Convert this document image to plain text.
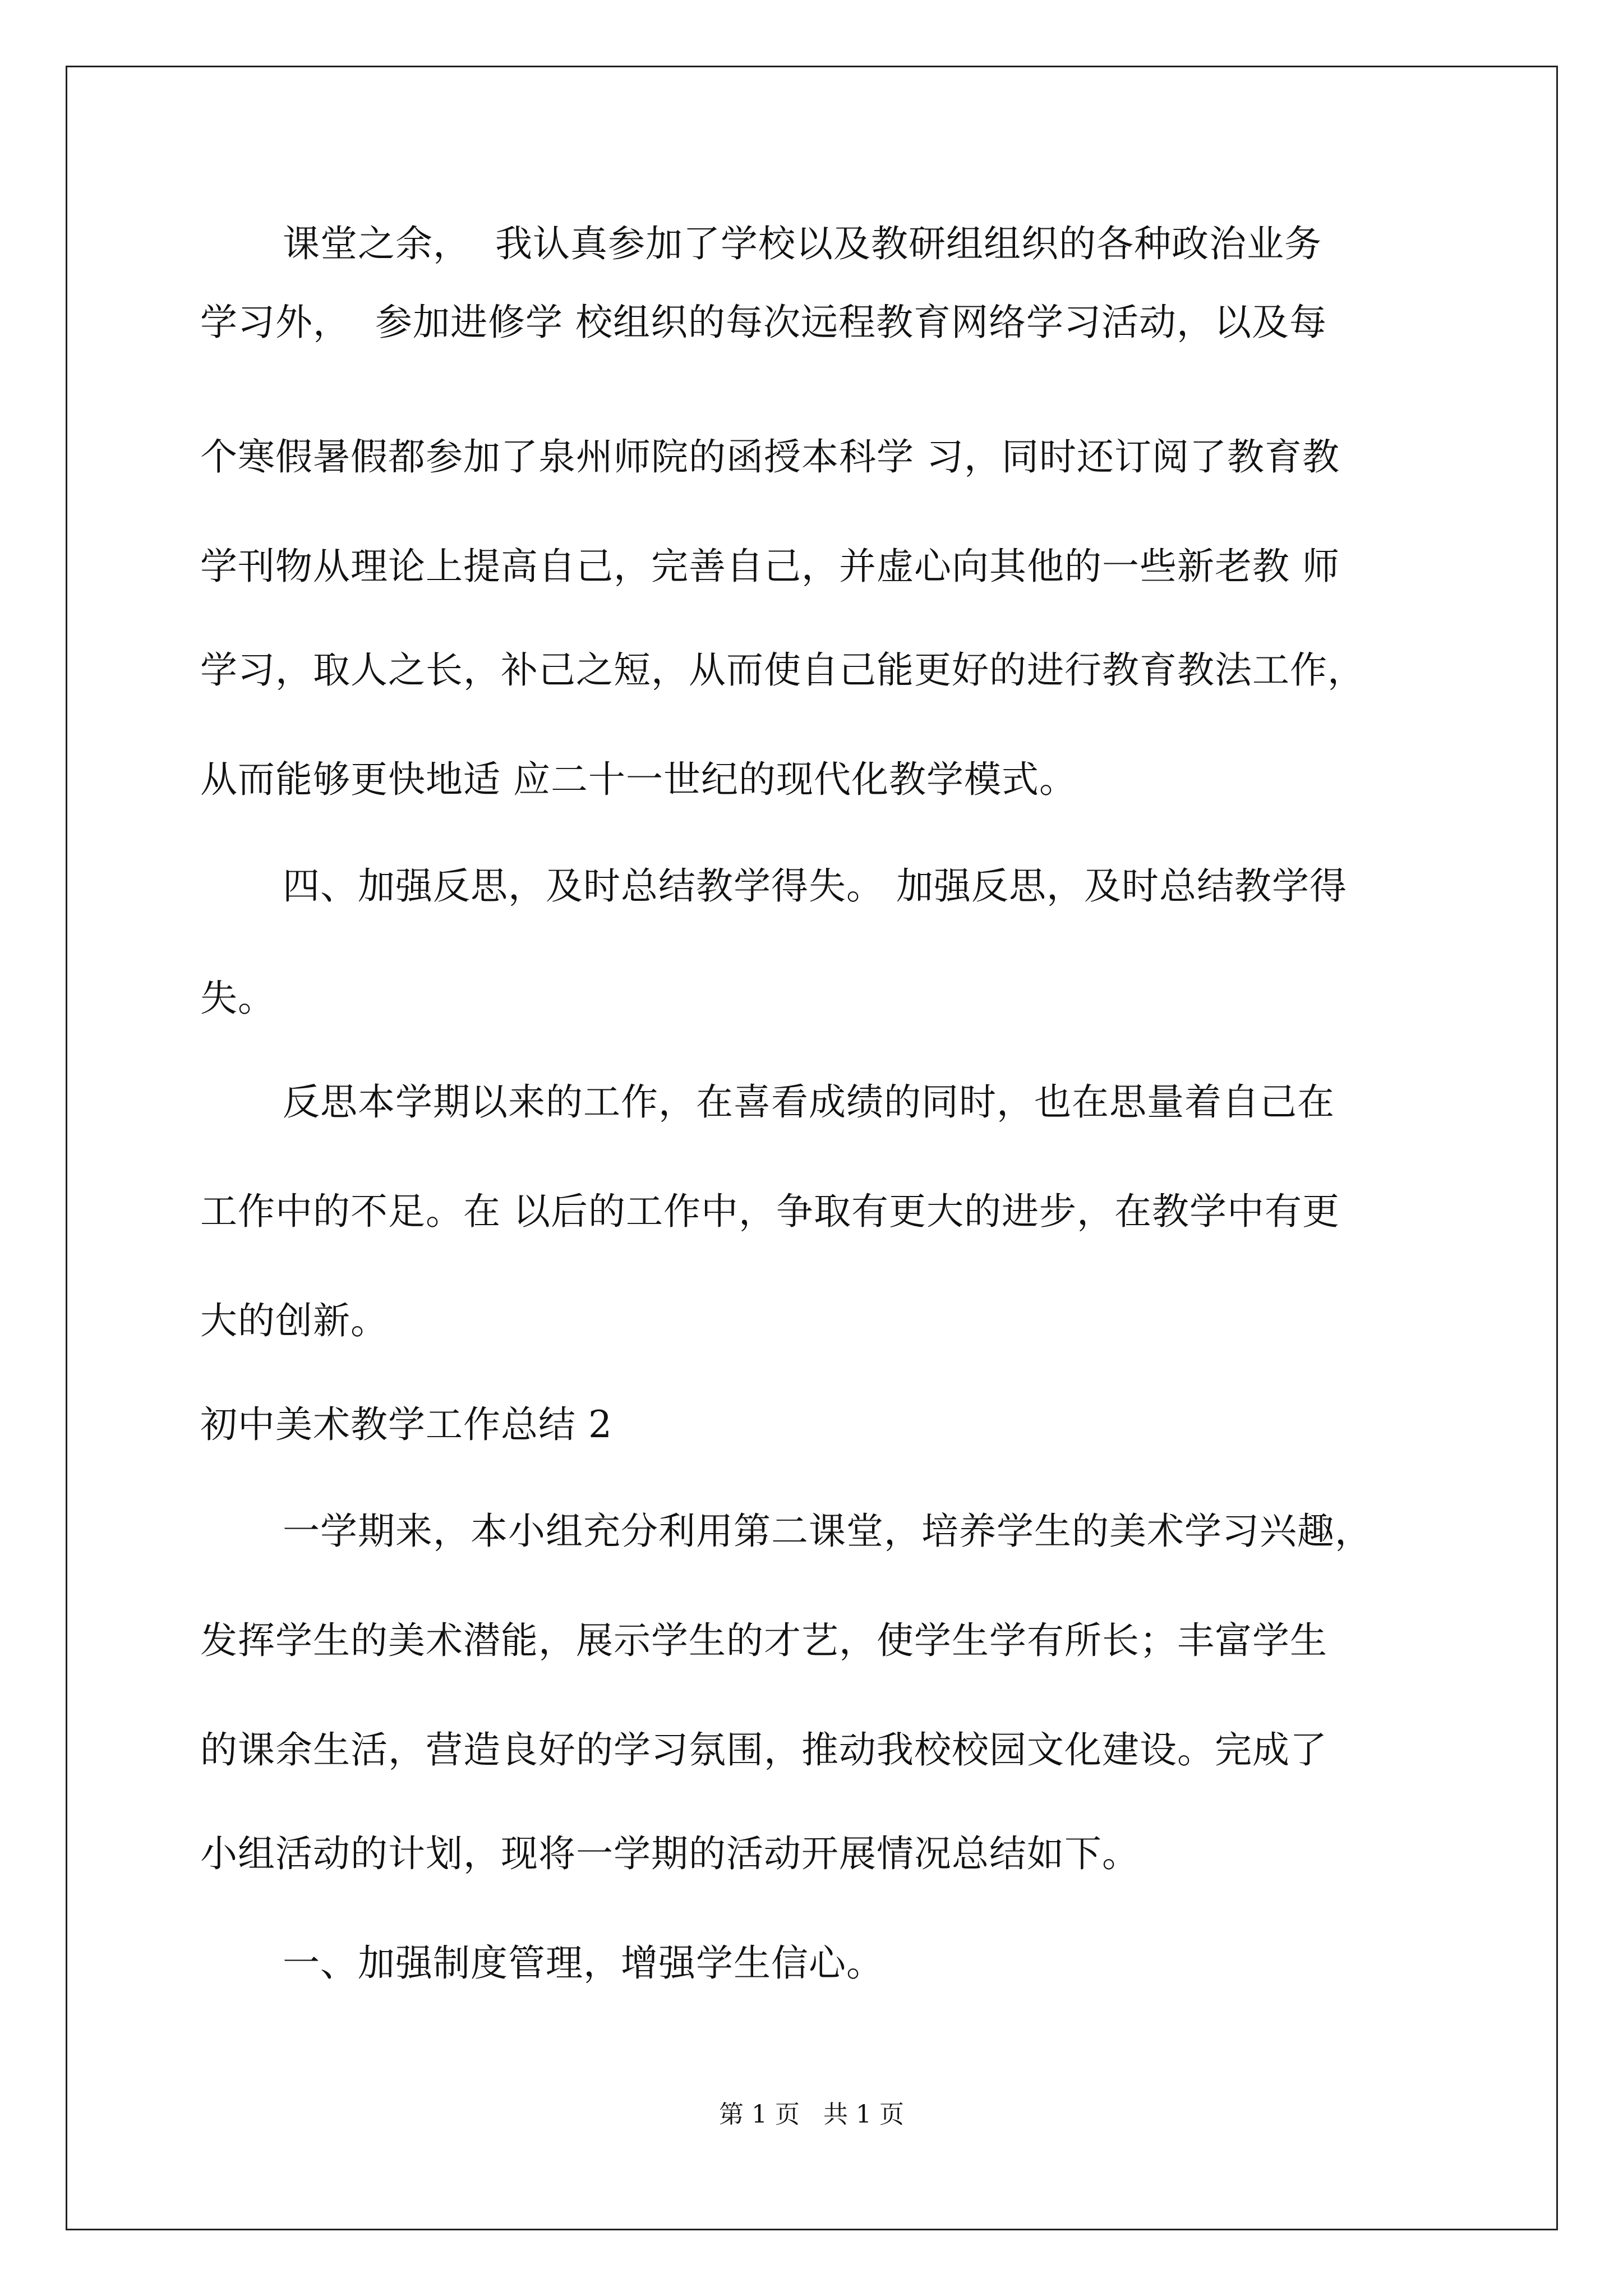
课堂之余，  我认真参加了学校以及教研组组织的各种政治业务
学习外，  参加进修学 校组织的每次远程教育网络学习活动，以及每
个寒假暑假都参加了泉州师院的函授本科学 习，同时还订阅了教育教
学刊物从理论上提高自己，完善自己，并虚心向其他的一些新老教 师
学习，取人之长，补己之短，从而使自己能更好的进行教育教法工作，
从而能够更快地适 应二十一世纪的现代化教学模式。
四、加强反思，及时总结教学得失。 加强反思，及时总结教学得
失。
反思本学期以来的工作，在喜看成绩的同时，也在思量着自己在
工作中的不足。在 以后的工作中，争取有更大的进步，在教学中有更
大的创新。
初中美术教学工作总结 2
一学期来，本小组充分利用第二课堂，培养学生的美术学习兴趣，
发挥学生的美术潜能，展示学生的才艺，使学生学有所长；丰富学生
的课余生活，营造良好的学习氛围，推动我校校园文化建设。完成了
小组活动的计划，现将一学期的活动开展情况总结如下。
一、加强制度管理，增强学生信心。
第 1 页   共 1 页
